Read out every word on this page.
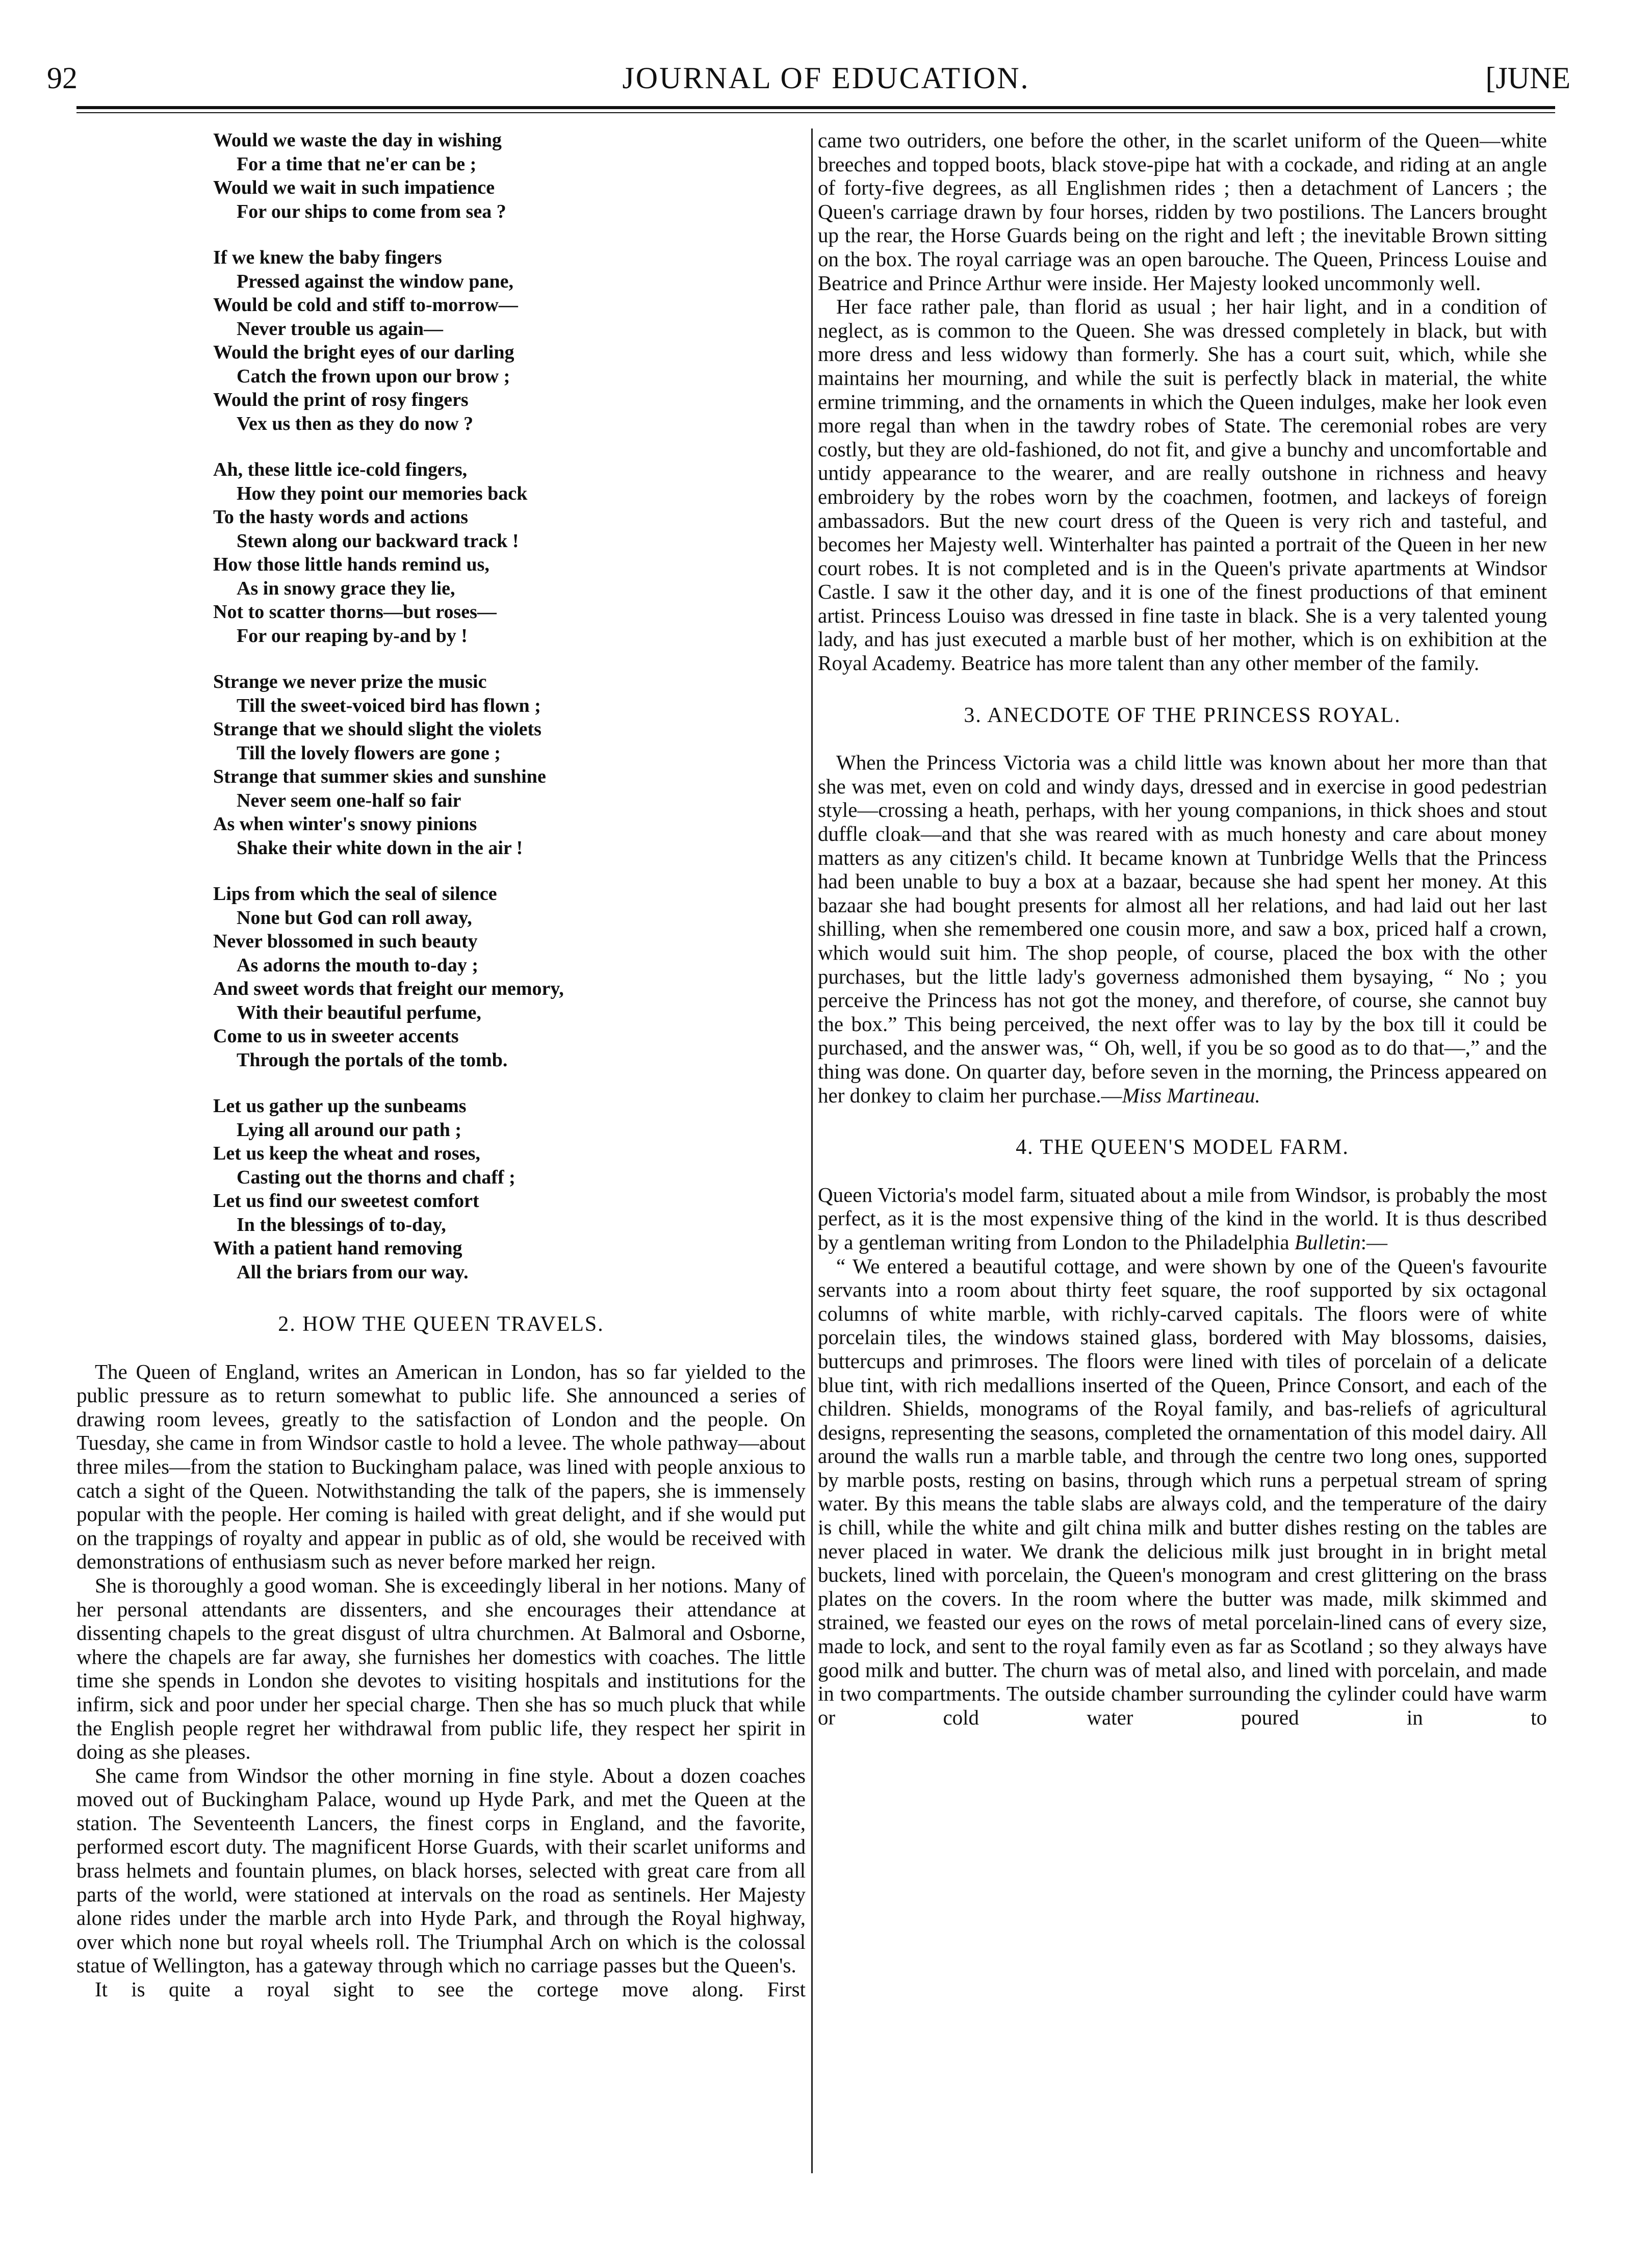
92	JOURNAL OF EDUCATION.	[JUNE
Would we waste the day in wishing
For a time that ne'er can be ;
Would we wait in such impatience
For our ships to come from sea ?
If we knew the baby fingers
Pressed against the window pane,
Would be cold and stiff to-morrow—
Never trouble us again—
Would the bright eyes of our darling
Catch the frown upon our brow ;
Would the print of rosy fingers
Vex us then as they do now ?
Ah, these little ice-cold fingers,
How they point our memories back
To the hasty words and actions
Stewn along our backward track !
How those little hands remind us,
As in snowy grace they lie,
Not to scatter thorns—but roses—
For our reaping by-and by !
Strange we never prize the music
Till the sweet-voiced bird has flown ;
Strange that we should slight the violets
Till the lovely flowers are gone ;
Strange that summer skies and sunshine
Never seem one-half so fair
As when winter's snowy pinions
Shake their white down in the air !
Lips from which the seal of silence
None but God can roll away,
Never blossomed in such beauty
As adorns the mouth to-day ;
And sweet words that freight our memory,
With their beautiful perfume,
Come to us in sweeter accents
Through the portals of the tomb.
Let us gather up the sunbeams
Lying all around our path ;
Let us keep the wheat and roses,
Casting out the thorns and chaff ;
Let us find our sweetest comfort
In the blessings of to-day,
With a patient hand removing
All the briars from our way.
2. HOW THE QUEEN TRAVELS.

The Queen of England, writes an American in London, has so far yielded to the public pressure as to return somewhat to public life. She announced a series of drawing room levees, greatly to the satisfaction of London and the people. On Tuesday, she came in from Windsor castle to hold a levee. The whole pathway—about three miles—from the station to Buckingham palace, was lined with people anxious to catch a sight of the Queen. Notwithstanding the talk of the papers, she is immensely popular with the people. Her coming is hailed with great delight, and if she would put on the trappings of royalty and appear in public as of old, she would be received with demonstrations of enthusiasm such as never before marked her reign.

She is thoroughly a good woman. She is exceedingly liberal in her notions. Many of her personal attendants are dissenters, and she encourages their attendance at dissenting chapels to the great disgust of ultra churchmen. At Balmoral and Osborne, where the chapels are far away, she furnishes her domestics with coaches. The little time she spends in London she devotes to visiting hospitals and institutions for the infirm, sick and poor under her special charge. Then she has so much pluck that while the English people regret her withdrawal from public life, they respect her spirit in doing as she pleases.

She came from Windsor the other morning in fine style. About a dozen coaches moved out of Buckingham Palace, wound up Hyde Park, and met the Queen at the station. The Seventeenth Lancers, the finest corps in England, and the favorite, performed escort duty. The magnificent Horse Guards, with their scarlet uniforms and brass helmets and fountain plumes, on black horses, selected with great care from all parts of the world, were stationed at intervals on the road as sentinels. Her Majesty alone rides under the marble arch into Hyde Park, and through the Royal highway, over which none but royal wheels roll. The Triumphal Arch on which is the colossal statue of Wellington, has a gateway through which no carriage passes but the Queen's.

It is quite a royal sight to see the cortege move along. First

came two outriders, one before the other, in the scarlet uniform of the Queen—white breeches and topped boots, black stove-pipe hat with a cockade, and riding at an angle of forty-five degrees, as all Englishmen rides ; then a detachment of Lancers ; the Queen's carriage drawn by four horses, ridden by two postilions. The Lancers brought up the rear, the Horse Guards being on the right and left ; the inevitable Brown sitting on the box. The royal carriage was an open barouche. The Queen, Princess Louise and Beatrice and Prince Arthur were inside. Her Majesty looked uncommonly well.

Her face rather pale, than florid as usual ; her hair light, and in a condition of neglect, as is common to the Queen. She was dressed completely in black, but with more dress and less widowy than formerly. She has a court suit, which, while she maintains her mourning, and while the suit is perfectly black in material, the white ermine trimming, and the ornaments in which the Queen indulges, make her look even more regal than when in the tawdry robes of State. The ceremonial robes are very costly, but they are old-fashioned, do not fit, and give a bunchy and uncomfortable and untidy appearance to the wearer, and are really outshone in richness and heavy embroidery by the robes worn by the coachmen, footmen, and lackeys of foreign ambassadors. But the new court dress of the Queen is very rich and tasteful, and becomes her Majesty well. Winterhalter has painted a portrait of the Queen in her new court robes. It is not completed and is in the Queen's private apartments at Windsor Castle. I saw it the other day, and it is one of the finest productions of that eminent artist. Princess Louiso was dressed in fine taste in black. She is a very talented young lady, and has just executed a marble bust of her mother, which is on exhibition at the Royal Academy. Beatrice has more talent than any other member of the family.

3. ANECDOTE OF THE PRINCESS ROYAL.

When the Princess Victoria was a child little was known about her more than that she was met, even on cold and windy days, dressed and in exercise in good pedestrian style—crossing a heath, perhaps, with her young companions, in thick shoes and stout duffle cloak—and that she was reared with as much honesty and care about money matters as any citizen's child. It became known at Tunbridge Wells that the Princess had been unable to buy a box at a bazaar, because she had spent her money. At this bazaar she had bought presents for almost all her relations, and had laid out her last shilling, when she remembered one cousin more, and saw a box, priced half a crown, which would suit him. The shop people, of course, placed the box with the other purchases, but the little lady's governess admonished them bysaying, “ No ; you perceive the Princess has not got the money, and therefore, of course, she cannot buy the box.” This being perceived, the next offer was to lay by the box till it could be purchased, and the answer was, “ Oh, well, if you be so good as to do that—,” and the thing was done. On quarter day, before seven in the morning, the Princess appeared on her donkey to claim her purchase.—Miss Martineau.

4. THE QUEEN'S MODEL FARM.

Queen Victoria's model farm, situated about a mile from Windsor, is probably the most perfect, as it is the most expensive thing of the kind in the world. It is thus described by a gentleman writing from London to the Philadelphia Bulletin:—

“ We entered a beautiful cottage, and were shown by one of the Queen's favourite servants into a room about thirty feet square, the roof supported by six octagonal columns of white marble, with richly-carved capitals. The floors were of white porcelain tiles, the windows stained glass, bordered with May blossoms, daisies, buttercups and primroses. The floors were lined with tiles of porcelain of a delicate blue tint, with rich medallions inserted of the Queen, Prince Consort, and each of the children. Shields, monograms of the Royal family, and bas-reliefs of agricultural designs, representing the seasons, completed the ornamentation of this model dairy. All around the walls run a marble table, and through the centre two long ones, supported by marble posts, resting on basins, through which runs a perpetual stream of spring water. By this means the table slabs are always cold, and the temperature of the dairy is chill, while the white and gilt china milk and butter dishes resting on the tables are never placed in water. We drank the delicious milk just brought in in bright metal buckets, lined with porcelain, the Queen's monogram and crest glittering on the brass plates on the covers. In the room where the butter was made, milk skimmed and strained, we feasted our eyes on the rows of metal porcelain-lined cans of every size, made to lock, and sent to the royal family even as far as Scotland ; so they always have good milk and butter. The churn was of metal also, and lined with porcelain, and made in two compartments. The outside chamber surrounding the cylinder could have warm or cold water poured in to
